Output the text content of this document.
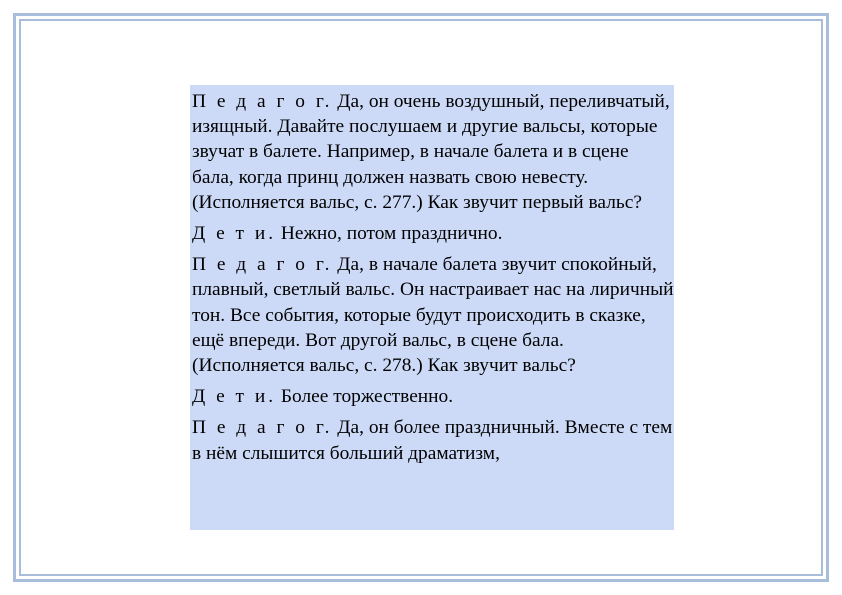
П е д а г о г. Да, он очень воздушный, переливчатый, изящный. Давайте послушаем и другие вальсы, которые звучат в балете. Например, в начале балета и в сцене бала, когда принц должен назвать свою невесту. (Исполняется вальс, с. 277.) Как звучит первый вальс?

Д е т и. Нежно, потом празднично.

П е д а г о г. Да, в начале балета звучит спокойный, плавный, светлый вальс. Он настраивает нас на лиричный тон. Все события, которые будут происходить в сказке, ещё впереди. Вот другой вальс, в сцене бала. (Исполняется вальс, с. 278.) Как звучит вальс?

Д е т и. Более торжественно.

П е д а г о г. Да, он более праздничный. Вместе с тем в нём слышится больший драматизм,
